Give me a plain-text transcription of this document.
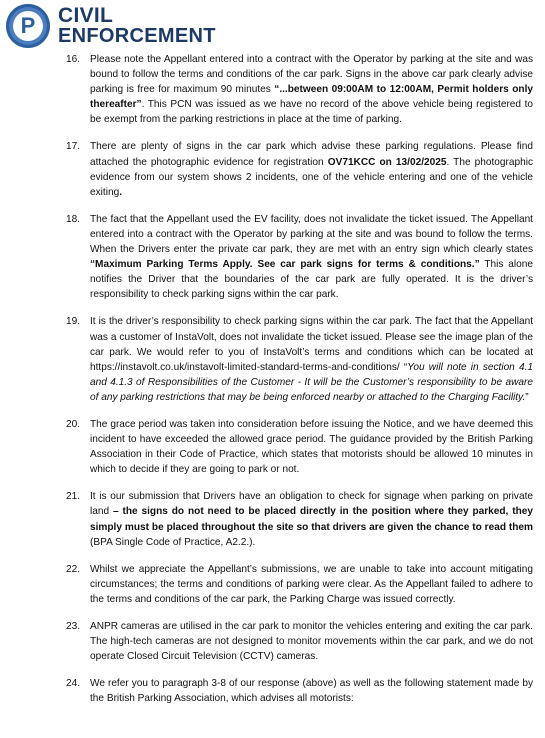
P	CIVIL
ENFORCEMENT
16. Please note the Appellant entered into a contract with the Operator by parking at the site and was bound to follow the terms and conditions of the car park. Signs in the above car park clearly advise parking is free for maximum 90 minutes “...between 09:00AM to 12:00AM, Permit holders only thereafter”. This PCN was issued as we have no record of the above vehicle being registered to be exempt from the parking restrictions in place at the time of parking.
17. There are plenty of signs in the car park which advise these parking regulations. Please find attached the photographic evidence for registration OV71KCC on 13/02/2025. The photographic evidence from our system shows 2 incidents, one of the vehicle entering and one of the vehicle exiting.
18. The fact that the Appellant used the EV facility, does not invalidate the ticket issued. The Appellant entered into a contract with the Operator by parking at the site and was bound to follow the terms. When the Drivers enter the private car park, they are met with an entry sign which clearly states “Maximum Parking Terms Apply. See car park signs for terms & conditions.” This alone notifies the Driver that the boundaries of the car park are fully operated. It is the driver’s responsibility to check parking signs within the car park.
19. It is the driver’s responsibility to check parking signs within the car park. The fact that the Appellant was a customer of InstaVolt, does not invalidate the ticket issued. Please see the image plan of the car park. We would refer to you of InstaVolt’s terms and conditions which can be located at https://instavolt.co.uk/instavolt-limited-standard-terms-and-conditions/ “You will note in section 4.1 and 4.1.3 of Responsibilities of the Customer - It will be the Customer’s responsibility to be aware of any parking restrictions that may be being enforced nearby or attached to the Charging Facility.”
20. The grace period was taken into consideration before issuing the Notice, and we have deemed this incident to have exceeded the allowed grace period. The guidance provided by the British Parking Association in their Code of Practice, which states that motorists should be allowed 10 minutes in which to decide if they are going to park or not.
21. It is our submission that Drivers have an obligation to check for signage when parking on private land – the signs do not need to be placed directly in the position where they parked, they simply must be placed throughout the site so that drivers are given the chance to read them (BPA Single Code of Practice, A2.2.).
22. Whilst we appreciate the Appellant’s submissions, we are unable to take into account mitigating circumstances; the terms and conditions of parking were clear. As the Appellant failed to adhere to the terms and conditions of the car park, the Parking Charge was issued correctly.
23. ANPR cameras are utilised in the car park to monitor the vehicles entering and exiting the car park. The high-tech cameras are not designed to monitor movements within the car park, and we do not operate Closed Circuit Television (CCTV) cameras.
24. We refer you to paragraph 3-8 of our response (above) as well as the following statement made by the British Parking Association, which advises all motorists:
